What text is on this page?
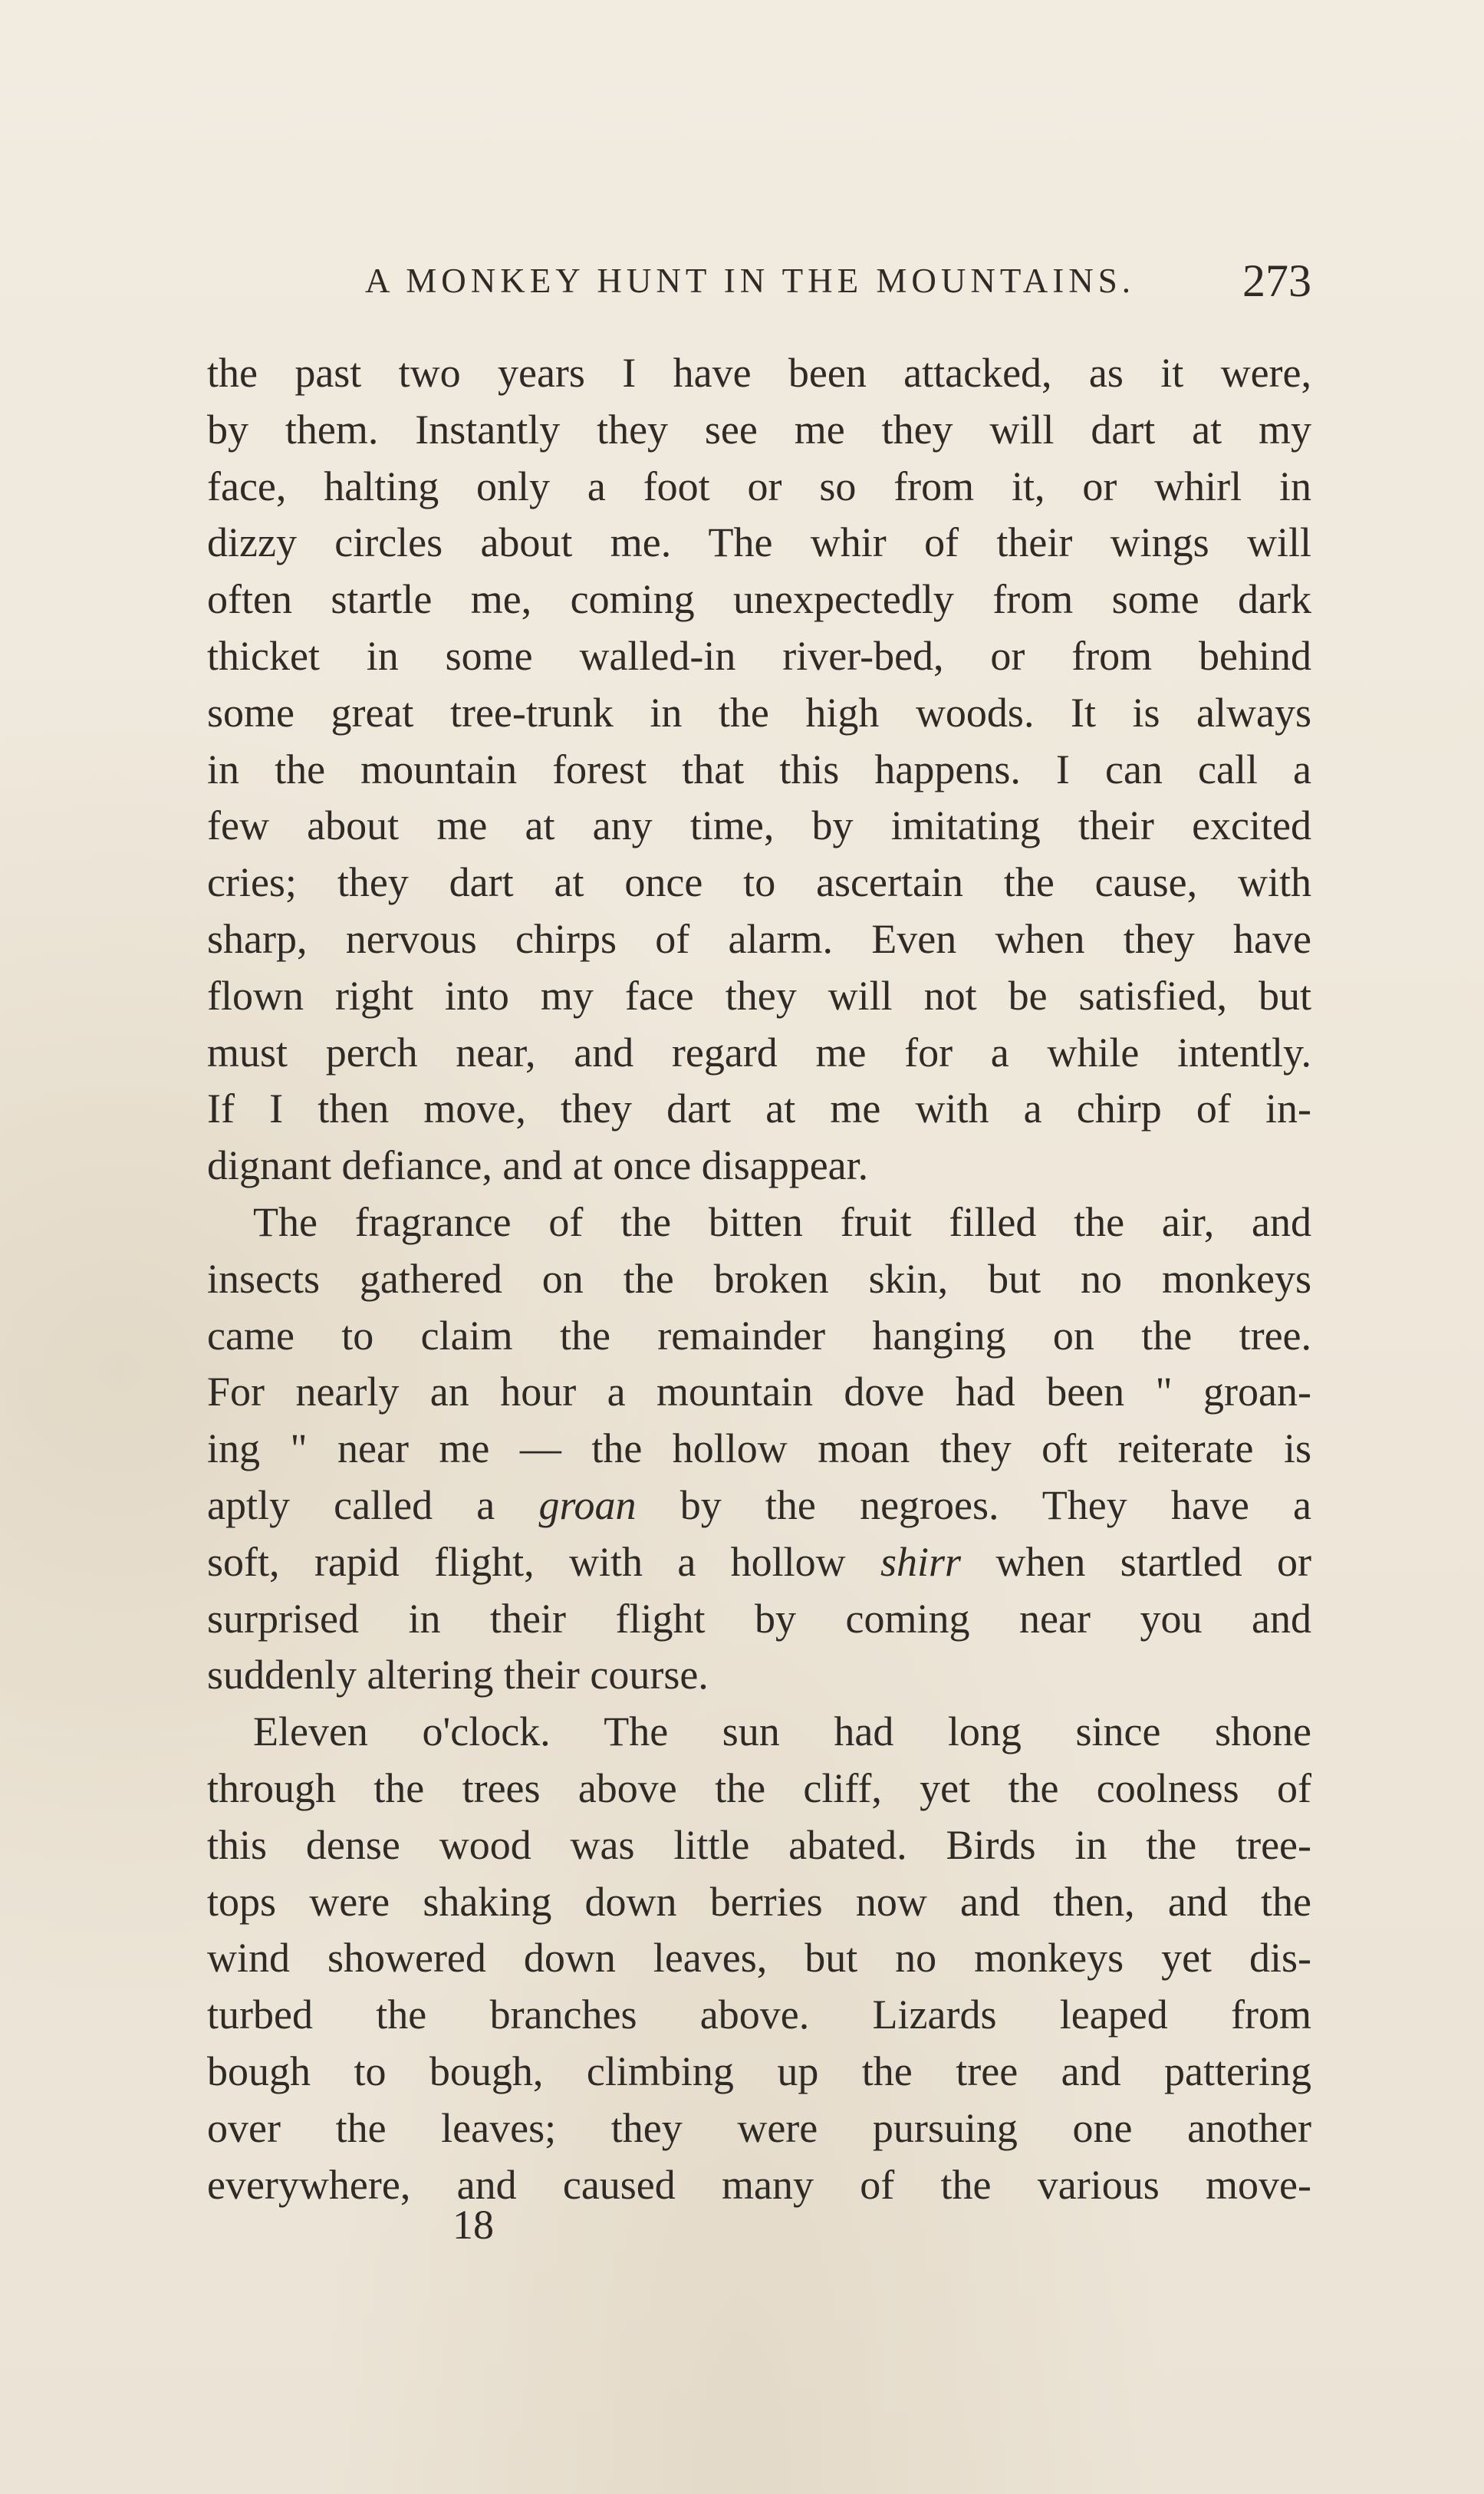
A MONKEY HUNT IN THE MOUNTAINS. 273
the past two years I have been attacked, as it were,
by them. Instantly they see me they will dart at my
face, halting only a foot or so from it, or whirl in
dizzy circles about me. The whir of their wings will
often startle me, coming unexpectedly from some dark
thicket in some walled-in river-bed, or from behind
some great tree-trunk in the high woods. It is always
in the mountain forest that this happens. I can call a
few about me at any time, by imitating their excited
cries; they dart at once to ascertain the cause, with
sharp, nervous chirps of alarm. Even when they have
flown right into my face they will not be satisfied, but
must perch near, and regard me for a while intently.
If I then move, they dart at me with a chirp of in-
dignant defiance, and at once disappear.
The fragrance of the bitten fruit filled the air, and
insects gathered on the broken skin, but no monkeys
came to claim the remainder hanging on the tree.
For nearly an hour a mountain dove had been " groan-
ing " near me — the hollow moan they oft reiterate is
aptly called a groan by the negroes. They have a
soft, rapid flight, with a hollow shirr when startled or
surprised in their flight by coming near you and
suddenly altering their course.
Eleven o'clock. The sun had long since shone
through the trees above the cliff, yet the coolness of
this dense wood was little abated. Birds in the tree-
tops were shaking down berries now and then, and the
wind showered down leaves, but no monkeys yet dis-
turbed the branches above. Lizards leaped from
bough to bough, climbing up the tree and pattering
over the leaves; they were pursuing one another
everywhere, and caused many of the various move-
18
